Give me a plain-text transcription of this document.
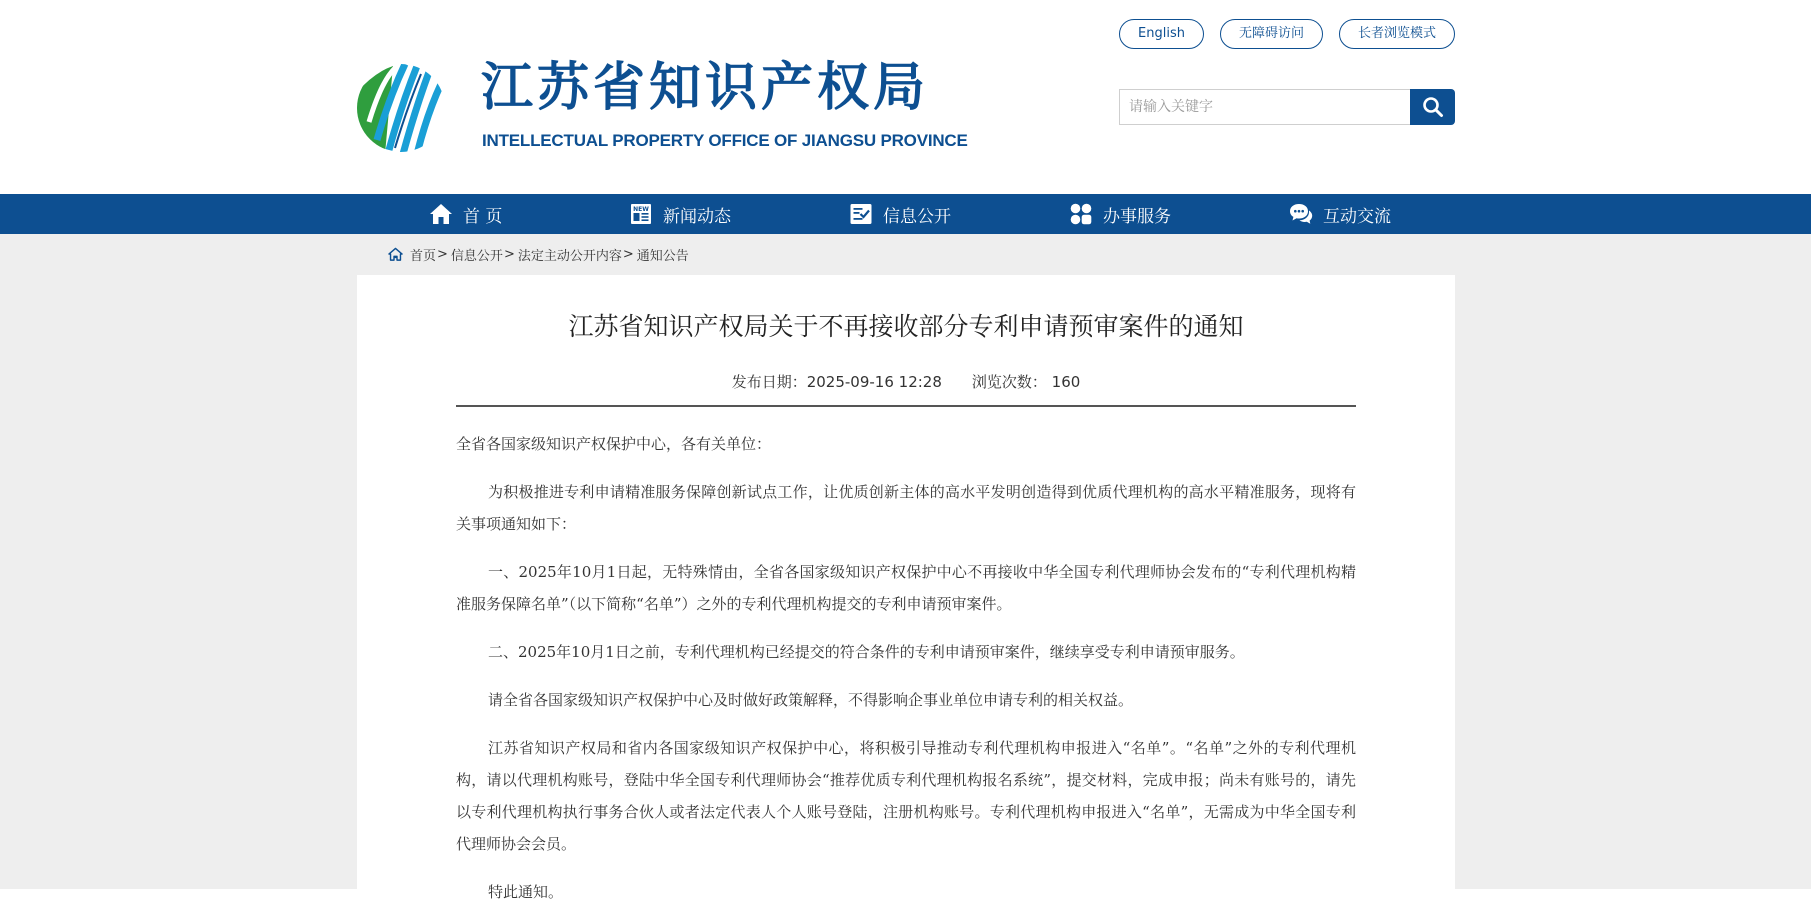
江苏省知识产权局
INTELLECTUAL PROPERTY OFFICE OF JIANGSU PROVINCE
English	无障碍访问	长者浏览模式
请输入关键字
首 页	NEW 新闻动态	信息公开	办事服务	互动交流
首页 > 信息公开 > 法定主动公开内容 > 通知公告
江苏省知识产权局关于不再接收部分专利申请预审案件的通知
发布日期：2025-09-16 12:28 浏览次数： 160

全省各国家级知识产权保护中心，各有关单位：

为积极推进专利申请精准服务保障创新试点工作，让优质创新主体的高水平发明创造得到优质代理机构的高水平精准服务，现将有关事项通知如下：

一、2025年10月1日起，无特殊情由，全省各国家级知识产权保护中心不再接收中华全国专利代理师协会发布的“专利代理机构精准服务保障名单”（以下简称“名单”）之外的专利代理机构提交的专利申请预审案件。

二、2025年10月1日之前，专利代理机构已经提交的符合条件的专利申请预审案件，继续享受专利申请预审服务。

请全省各国家级知识产权保护中心及时做好政策解释，不得影响企事业单位申请专利的相关权益。

江苏省知识产权局和省内各国家级知识产权保护中心，将积极引导推动专利代理机构申报进入“名单”。“名单”之外的专利代理机构，请以代理机构账号，登陆中华全国专利代理师协会“推荐优质专利代理机构报名系统”，提交材料，完成申报；尚未有账号的，请先以专利代理机构执行事务合伙人或者法定代表人个人账号登陆，注册机构账号。专利代理机构申报进入“名单”，无需成为中华全国专利代理师协会会员。

特此通知。
